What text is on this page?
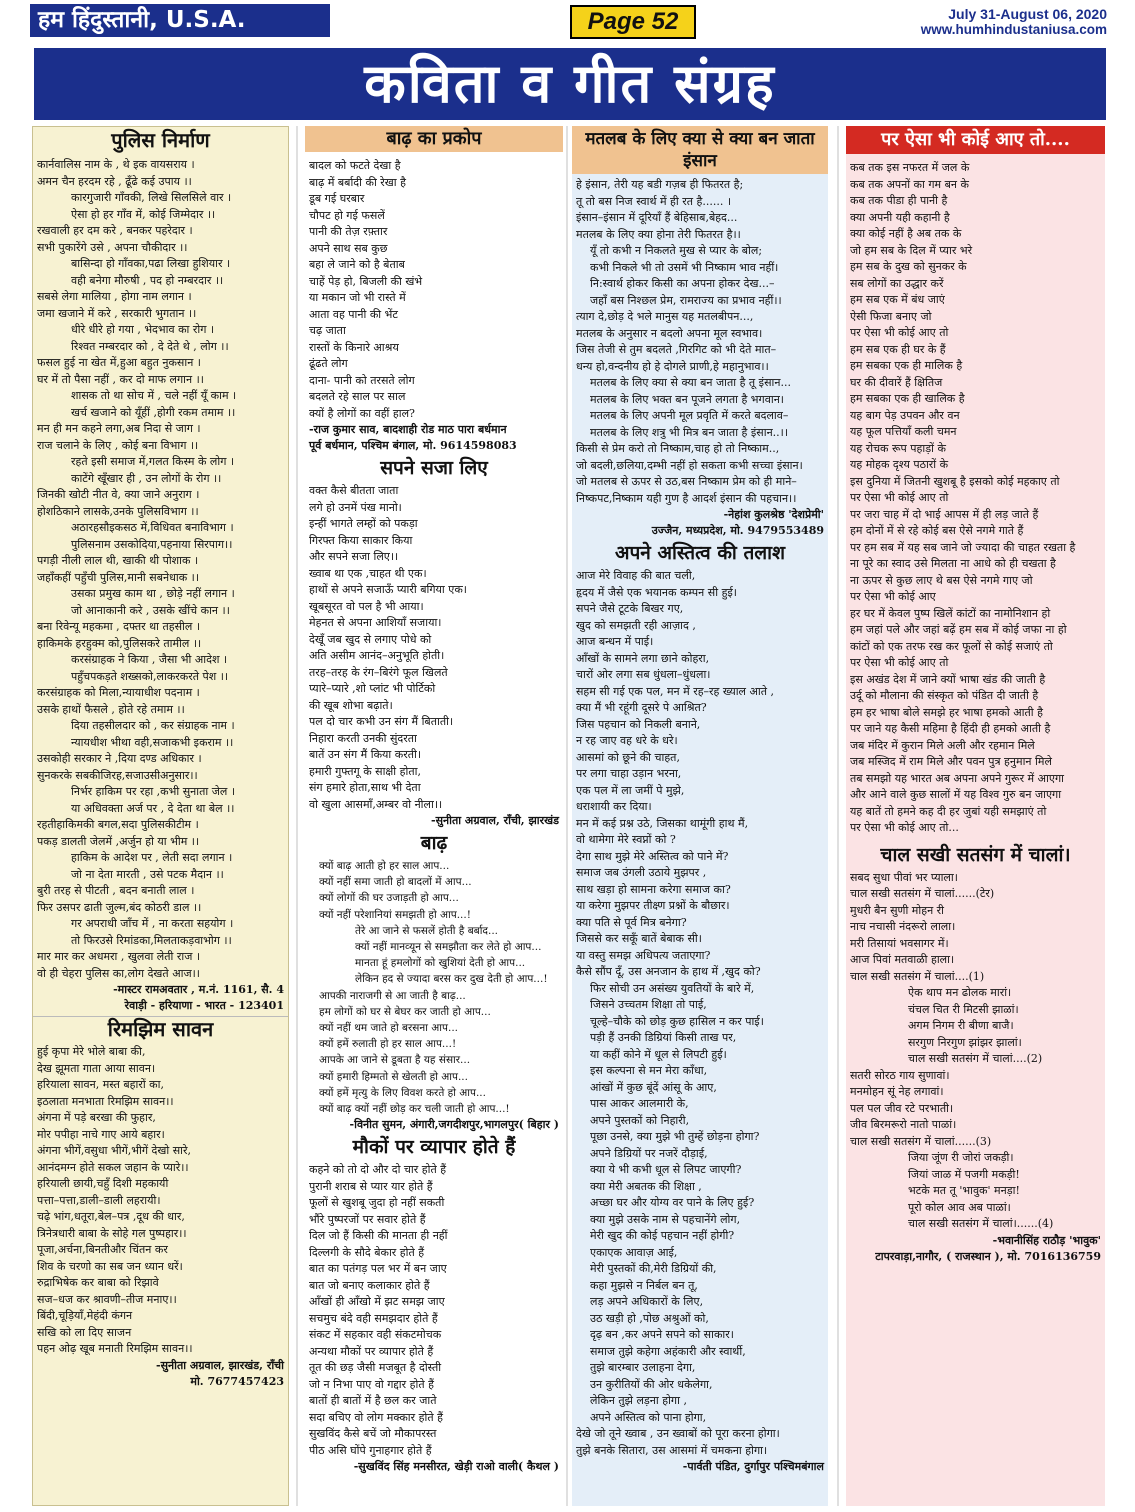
हम हिंदुस्तानी, U.S.A.	Page 52	July 31-August 06, 2020
www.humhindustaniusa.com
कविता व गीत संग्रह
पुलिस निर्माण
कार्नवालिस नाम के , थे इक वायसराय ।
अमन चैन हरदम रहे , ढूँढे कई उपाय ।।
कारगुजारी गाँवकी, लिखे सिलसिले वार ।
ऐसा हो हर गाँव में, कोई जिम्मेदार ।।
रखवाली हर दम करे , बनकर पहरेदार ।
सभी पुकारेंगे उसे , अपना चौकीदार ।।
बासिन्दा हो गाँवका,पढा लिखा हुशियार ।
वही बनेगा मौरुषी , पद हो नम्बरदार ।।
सबसे लेगा मालिया , होगा नाम लगान ।
जमा खजाने में करे , सरकारी भुगतान ।।
धीरे धीरे हो गया , भेदभाव का रोग ।
रिश्वत नम्बरदार को , दे देते थे , लोग ।।
फसल हुई ना खेत में,हुआ बहुत नुकसान ।
घर में तो पैसा नहीं , कर दो माफ लगान ।।
शासक तो था सोच में , चले नहीं यूँ काम ।
खर्च खजाने को यूँहीं ,होगी रकम तमाम ।।
मन ही मन कहने लगा,अब निदा से जाग ।
राज चलाने के लिए , कोई बना विभाग ।।
रहते इसी समाज में,गलत किस्म के लोग ।
काटेंगे खूँखार ही , उन लोगों के रोग ।।
जिनकी खोटी नीत वे, क्या जाने अनुराग ।
होशठिकाने लासके,उनके पुलिसविभाग ।।
अठारहसौइकसठ में,विधिवत बनाविभाग ।
पुलिसनाम उसकोदिया,पहनाया सिरपाग।।
पगड़ी नीली लाल थी, खाकी थी पोशाक ।
जहाँकहीं पहुँची पुलिस,मानी सबनेधाक ।।
उसका प्रमुख काम था , छोड़े नहीं लगान ।
जो आनाकानी करे , उसके खींचे कान ।।
बना रिवेन्यू महकमा , दफ्तर था तहसील ।
हाकिमके हरहुक्म को,पुलिसकरे तामील ।।
करसंग्राहक ने किया , जैसा भी आदेश ।
पहुँचपकड़ते शख्सको,लाकरकरते पेश ।।
करसंग्राहक को मिला,न्यायाधीश पदनाम ।
उसके हाथों फैसले , होते रहे तमाम ।।
दिया तहसीलदार को , कर संग्राहक नाम ।
न्यायधीश भीथा वही,सजाकभी इकराम ।।
उसकोही सरकार ने ,दिया दण्ड अधिकार ।
सुनकरके सबकीजिरह,सजाउसीअनुसार।।
निर्भर हाकिम पर रहा ,कभी सुनाता जेल ।
या अधिवक्ता अर्ज पर , दे देता था बेल ।।
रहतीहाकिमकी बगल,सदा पुलिसकीटीम ।
पकड़ डालती जेलमें ,अर्जुन हो या भीम ।।
हाकिम के आदेश पर , लेती सदा लगान ।
जो ना देता मारती , उसे पटक मैदान ।।
बुरी तरह से पीटती , बदन बनाती लाल ।
फिर उसपर ढाती जुल्म,बंद कोठरी डाल ।।
गर अपराधी जाँच में , ना करता सहयोग ।
तो फिरउसे रिमांडका,मिलताकड़वाभोग ।।
मार मार कर अधमरा , खुलवा लेती राज ।
वो ही चेहरा पुलिस का,लोग देखते आज।।
-मास्टर रामअवतार , म.नं. 1161, सै. 4
रेवाड़ी - हरियाणा - भारत - 123401
रिमझिम सावन
हुई कृपा मेरे भोले बाबा की,
देख झूमता गाता आया सावन।
हरियाला सावन, मस्त बहारों का,
इठलाता मनभाता रिमझिम सावन।।
अंगना में पड़े बरखा की फुहार,
मोर पपीहा नाचे गाए आये बहार।
अंगना भीगें,वसुधा भीगें,भीगें देखो सारे,
आनंदमग्न होते सकल जहान के प्यारे।।
हरियाली छायी,चहुँ दिशी महकायी
पत्ता–पत्ता,डाली–डाली लहरायी।
चढ़े भांग,धतूरा,बेल–पत्र ,दूध की धार,
त्रिनेत्रधारी बाबा के सोहे गल पुष्पहार।।
पूजा,अर्चना,बिनतीऔर चिंतन कर
शिव के चरणो का सब जन ध्यान धरें।
रुद्राभिषेक कर बाबा को रिझावे
सज–धज कर श्रावणी–तीज मनाए।।
बिंदी,चूड़ियाँ,मेहंदी कंगन
सखि को ला दिए साजन
पहन ओढ़ खूब मनाती रिमझिम सावन।।
-सुनीता अग्रवाल, झारखंड, राँची
मो. 7677457423
बाढ़ का प्रकोप
बादल को फटते देखा है
बाढ़ में बर्बादी की रेखा है
डूब गई घरबार
चौपट हो गई फसलें
पानी की तेज़ रफ़्तार
अपने साथ सब कुछ
बहा ले जाने को है बेताब
चाहें पेड़ हो, बिजली की खंभे
या मकान जो भी रास्ते में
आता वह पानी की भेंट
चढ़ जाता
रास्तों के किनारे आश्रय
ढूंढते लोग
दाना- पानी को तरसते लोग
बदलते रहे साल पर साल
क्यों है लोगों का वहीं हाल?
-राज कुमार साव, बादशाही रोड माठ पारा बर्धमान
पूर्व बर्धमान, पश्चिम बंगाल, मो. 9614598083
सपने सजा लिए
वक्त कैसे बीतता जाता
लगे हो उनमें पंख मानो।
इन्हीं भागते लम्हों को पकड़ा
गिरफ्त किया साकार किया
और सपने सजा लिए।।
ख्वाब था एक ,चाहत थी एक।
हाथों से अपने सजाऊँ प्यारी बगिया एक।
खूबसूरत वो पल है भी आया।
मेहनत से अपना आशियाँ सजाया।
देखूँ जब खुद से लगाए पोधे को
अति असीम आनंद–अनुभूति होती।
तरह–तरह के रंग–बिरंगे फूल खिलते
प्यारे–प्यारे ,शो प्लांट भी पोर्टिको
की खूब शोभा बढ़ाते।
पल दो चार कभी उन संग मैं बिताती।
निहारा करती उनकी सुंदरता
बातें उन संग मैं किया करती।
हमारी गुफ्तगू के साक्षी होता,
संग हमारे होता,साथ भी देता
वो खुला आसमाँ,अम्बर वो नीला।।
-सुनीता अग्रवाल, राँची, झारखंड
बाढ़
क्यों बाढ़ आती हो हर साल आप...
क्यों नहीं समा जाती हो बादलों में आप...
क्यों लोगों की घर उजाड़ती हो आप...
क्यों नहीं परेशानियां समझती हो आप...!
तेरे आ जाने से फसलें होती है बर्बाद...
क्यों नहीं मानव्‍यून से समझौता कर लेते हो आप...
मानता हूं हमलोगों को खुशियां देती हो आप...
लेकिन हद से ज्यादा बरस कर दुख देती हो आप...!
आपकी नाराजगी से आ जाती है बाढ़...
हम लोगों को घर से बेघर कर जाती हो आप...
क्यों नहीं थम जाते हो बरसना आप...
क्यों हमें रुलाती हो हर साल आप...!
आपके आ जाने से डूबता है यह संसार...
क्यों हमारी हिम्मतो से खेलती हो आप...
क्यों हमें मृत्यु के लिए विवश करते हो आप...
क्यों बाढ़ क्यों नहीं छोड़ कर चली जाती हो आप...!
-विनीत सुमन, अंगारी,जगदीशपुर,भागलपुर( बिहार )
मौकों पर व्यापार होते हैं
कहने को तो दो और दो चार होते हैं
पुरानी शराब से प्यार यार होते हैं
फूलों से खुशबू जुदा हो नहीं सकती
भौंरे पुष्परजों पर सवार होते हैं
दिल जो हैं किसी की मानता ही नहीं
दिल्लगी के सौदे बेकार होते हैं
बात का पतंगड़ पल भर में बन जाए
बात जो बनाए कलाकार होते हैं
आँखों ही आँखो में झट समझ जाए
सचमुच बंदे वही समझदार होते हैं
संकट में सहकार वही संकटमोचक
अन्यथा मौकों पर व्यापार होते हैं
तूत की छड़ जैसी मजबूत है दोस्ती
जो न निभा पाए वो गद्दार होते हैं
बातों ही बातों में है छल कर जाते
सदा बचिए वो लोग मक्कार होते हैं
सुखविंद कैसे बचें जो मौकापरस्त
पीठ असि घोंपे गुनाहगार होते हैं
-सुखविंद सिंह मनसीरत, खेड़ी राओ वाली( कैथल )
मतलब के लिए क्या से क्या बन जाता इंसान
हे इंसान, तेरी यह बडी गज़ब ही फितरत है;
तू तो बस निज स्वार्थ में ही रत है...... ।
इंसान–इंसान में दूरियाँ हैं बेहिसाब,बेहद...
मतलब के लिए क्या होना तेरी फितरत है।।
यूँ तो कभी न निकलते मुख से प्यार के बोल;
कभी निकले भी तो उसमें भी निष्काम भाव नहीं।
नि:स्वार्थ होकर किसी का अपना होकर देख...–
जहाँ बस निश्छल प्रेम, रामराज्य का प्रभाव नहीं।।
त्याग दे,छोड़ दे भले मानुस यह मतलबीपन...,
मतलब के अनुसार न बदलो अपना मूल स्वभाव।
जिस तेजी से तुम बदलते ,गिरगिट को भी देते मात–
धन्य हो,वन्दनीय हो हे दोगले प्राणी,हे महानुभाव।।
मतलब के लिए क्या से क्या बन जाता है तू इंसान...
मतलब के लिए भक्त बन पूजने लगता है भगवान।
मतलब के लिए अपनी मूल प्रवृति में करते बदलाव–
मतलब के लिए शत्रु भी मित्र बन जाता है इंसान..।।
किसी से प्रेम करो तो निष्काम,चाह हो तो निष्काम..,
जो बदली,छलिया,दम्भी नहीं हो सकता कभी सच्चा इंसान।
जो मतलब से ऊपर से उठ,बस निष्काम प्रेम को ही माने–
निष्कपट,निष्काम यही गुण है आदर्श इंसान की पहचान।।
-नेहांश कुलश्रेष्ठ 'देशप्रेमी'
उज्जैन, मध्यप्रदेश, मो. 9479553489
अपने अस्तित्व की तलाश
आज मेरे विवाह की बात चली,
हृदय में जैसे एक भयानक कम्पन सी हुई।
सपने जैसे टूटके बिखर गए,
खुद को समझती रही आज़ाद ,
आज बन्धन में पाई।
आँखों के सामने लगा छाने कोहरा,
चारों ओर लगा सब धुंधला–धुंधला।
सहम सी गई एक पल, मन में रह–रह ख्याल आते ,
क्या मैं भी रहूंगी दूसरे पे आश्रित?
जिस पहचान को निकली बनाने,
न रह जाए वह धरे के धरे।
आसमां को छूने की चाहत,
पर लगा चाहा उड़ान भरना,
एक पल में ला जमीं पे मुझे,
धराशायी कर दिया।
मन में कई प्रश्न उठे, जिसका थामूंगी हाथ मैं,
वो थामेगा मेरे स्वप्नों को ?
देगा साथ मुझे मेरे अस्तित्व को पाने में?
समाज जब उंगली उठाये मुझपर ,
साथ खड़ा हो सामना करेगा समाज का?
या करेगा मुझपर तीक्ष्ण प्रश्नों के बौछार।
क्या पति से पूर्व मित्र बनेगा?
जिससे कर सकूँ बातें बेबाक सी।
या वस्तु समझ अधिपत्य जताएगा?
कैसे सौंप दूँ, उस अनजान के हाथ में ,खुद को?
फिर सोची उन असंख्य युवतियों के बारे में,
जिसने उच्चतम शिक्षा तो पाई,
चूल्हे–चौके को छोड़ कुछ हासिल न कर पाई।
पड़ी हैं उनकी डिग्रियां किसी ताख पर,
या कहीं कोने में धूल से लिपटी हुई।
इस कल्पना से मन मेरा काँधा,
आंखों में कुछ बूंदें आंसू के आए,
पास आकर आलमारी के,
अपने पुस्तकों को निहारी,
पूछा उनसे, क्या मुझे भी तुम्हें छोड़ना होगा?
अपने डिग्रियों पर नजरें दौड़ाई,
क्या ये भी कभी धूल से लिपट जाएगी?
क्या मेरी अबतक की शिक्षा ,
अच्छा घर और योग्य वर पाने के लिए हुई?
क्या मुझे उसके नाम से पहचानेंगे लोग,
मेरी खुद की कोई पहचान नहीं होगी?
एकाएक आवाज़ आई,
मेरी पुस्तकों की,मेरी डिग्रियों की,
कहा मुझसे न निर्बल बन तू,
लड़ अपने अधिकारों के लिए,
उठ खड़ी हो ,पोछ अश्रुओं को,
दृढ़ बन ,कर अपने सपने को साकार।
समाज तुझे कहेगा अहंकारी और स्वार्थी,
तुझे बारम्बार उलाहना देगा,
उन कुरीतियों की ओर धकेलेगा,
लेकिन तुझे लड़ना होगा ,
अपने अस्तित्व को पाना होगा,
देखे जो तूने ख्वाब , उन ख्वाबों को पूरा करना होगा।
तुझे बनके सितारा, उस आसमां में चमकना होगा।
-पार्वती पंडित, दुर्गापुर पश्चिमबंगाल
पर ऐसा भी कोई आए तो....
कब तक इस नफरत में जल के
कब तक अपनों का गम बन के
कब तक पीडा ही पानी है
क्या अपनी यही कहानी है
क्या कोई नहीं है अब तक के
जो हम सब के दिल में प्यार भरे
हम सब के दुख को सुनकर के
सब लोगों का उद्धार करें
हम सब एक में बंध जाएं
ऐसी फिजा बनाए जो
पर ऐसा भी कोई आए तो
हम सब एक ही घर के हैं
हम सबका एक ही मालिक है
घर की दीवारें हैं क्षितिज
हम सबका एक ही खालिक है
यह बाग पेड़ उपवन और वन
यह फूल पत्तियाँ कली चमन
यह रोचक रूप पहाड़ों के
यह मोहक दृश्य पठारों के
इस दुनिया में जितनी खुशबू है इसको कोई महकाए तो
पर ऐसा भी कोई आए तो
पर जरा चाह में दो भाई आपस में ही लड़ जाते हैं
हम दोनों में से रहे कोई बस ऐसे नगमे गाते हैं
पर हम सब में यह सब जाने जो ज्यादा की चाहत रखता है
ना पूरे का स्वाद उसे मिलता ना आधे को ही चखता है
ना ऊपर से कुछ लाए थे बस ऐसे नगमे गाए जो
पर ऐसा भी कोई आए
हर घर में केवल पुष्प खिलें कांटों का नामोनिशान हो
हम जहां पले और जहां बढ़ें हम सब में कोई जफा ना हो
कांटों को एक तरफ रख कर फूलों से कोई सजाएं तो
पर ऐसा भी कोई आए तो
इस अखंड देश में जाने क्यों भाषा खंड की जाती है
उर्दू को मौलाना की संस्कृत को पंडित दी जाती है
हम हर भाषा बोले समझे हर भाषा हमको आती है
पर जाने यह कैसी महिमा है हिंदी ही हमको आती है
जब मंदिर में कुरान मिले अली और रहमान मिले
जब मस्जिद में राम मिले और पवन पुत्र हनुमान मिले
तब समझो यह भारत अब अपना अपने गुरूर में आएगा
और आने वाले कुछ सालों में यह विश्व गुरु बन जाएगा
यह बातें तो हमने कह दी हर जुबां यही समझाएं तो
पर ऐसा भी कोई आए तो...
चाल सखी सतसंग में चालां।
सबद सुधा पीवां भर प्याला।
चाल सखी सतसंग में चालां......(टेर)
मुधरी बैन सुणी मोहन री
नाच नचासी नंदरूरो लाला।
मरी तिसायां भवसागर में।
आज पिवां मतवाळी हाला।
चाल सखी सतसंग में चालां....(1)
ऐक थाप मन ढोलक मारां।
चंचल चित री मिटसी झाळां।
अगम निगम री बीणा बाजै।
सरगुण निरगुण झांझर झालां।
चाल सखी सतसंग में चालां....(2)
सतरी सोरठ गाय सुणावां।
मनमोहन सूं नेह लगावां।
पल पल जीव रटे परभाती।
जीव बिरमरूरो नातो पाळां।
चाल सखी सतसंग में चालां......(3)
जिया जूंण री जोरां जकड़ी।
जियां जाळ में पजगी मकड़ी!
भटके मत तू 'भावुक' मनड़ा!
पूरो कोल आव अब पाळां।
चाल सखी सतसंग में चालां।......(4)
-भवानीसिंह राठौड़ 'भावुक'
टापरवाड़ा,नागौर, ( राजस्थान ), मो. 7016136759
